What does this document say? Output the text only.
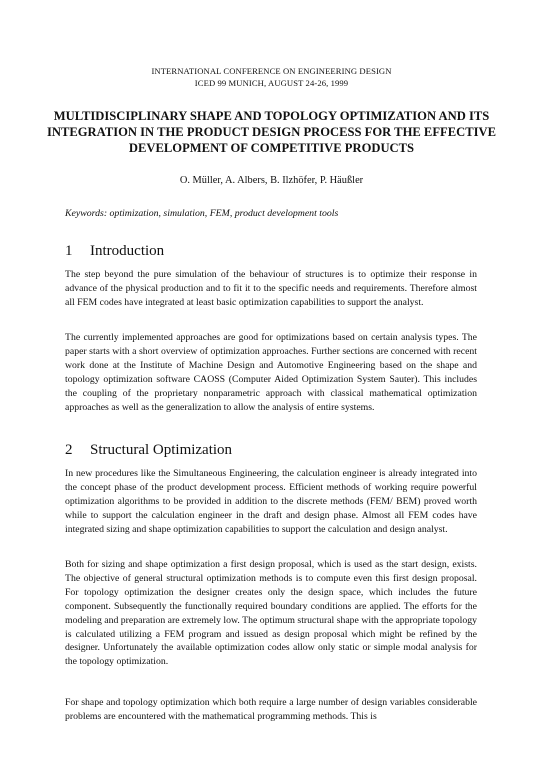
INTERNATIONAL CONFERENCE ON ENGINEERING DESIGN
ICED 99 MUNICH, AUGUST 24-26, 1999
MULTIDISCIPLINARY SHAPE AND TOPOLOGY OPTIMIZATION AND ITS INTEGRATION IN THE PRODUCT DESIGN PROCESS FOR THE EFFECTIVE DEVELOPMENT OF COMPETITIVE PRODUCTS
O. Müller, A. Albers, B. Ilzhöfer, P. Häußler
Keywords: optimization, simulation, FEM, product development tools
1 Introduction

The step beyond the pure simulation of the behaviour of structures is to optimize their response in advance of the physical production and to fit it to the specific needs and requirements. Therefore almost all FEM codes have integrated at least basic optimization capabilities to support the analyst.

The currently implemented approaches are good for optimizations based on certain analysis types. The paper starts with a short overview of optimization approaches. Further sections are concerned with recent work done at the Institute of Machine Design and Automotive Engineering based on the shape and topology optimization software CAOSS (Computer Aided Optimization System Sauter). This includes the coupling of the proprietary nonparametric approach with classical mathematical optimization approaches as well as the generalization to allow the analysis of entire systems.

2 Structural Optimization

In new procedures like the Simultaneous Engineering, the calculation engineer is already integrated into the concept phase of the product development process. Efficient methods of working require powerful optimization algorithms to be provided in addition to the discrete methods (FEM/ BEM) proved worth while to support the calculation engineer in the draft and design phase. Almost all FEM codes have integrated sizing and shape optimization capabilities to support the calculation and design analyst.

Both for sizing and shape optimization a first design proposal, which is used as the start design, exists. The objective of general structural optimization methods is to compute even this first design proposal. For topology optimization the designer creates only the design space, which includes the future component. Subsequently the functionally required boundary conditions are applied. The efforts for the modeling and preparation are extremely low. The optimum structural shape with the appropriate topology is calculated utilizing a FEM program and issued as design proposal which might be refined by the designer. Unfortunately the available optimization codes allow only static or simple modal analysis for the topology optimization.

For shape and topology optimization which both require a large number of design variables considerable problems are encountered with the mathematical programming methods. This is
